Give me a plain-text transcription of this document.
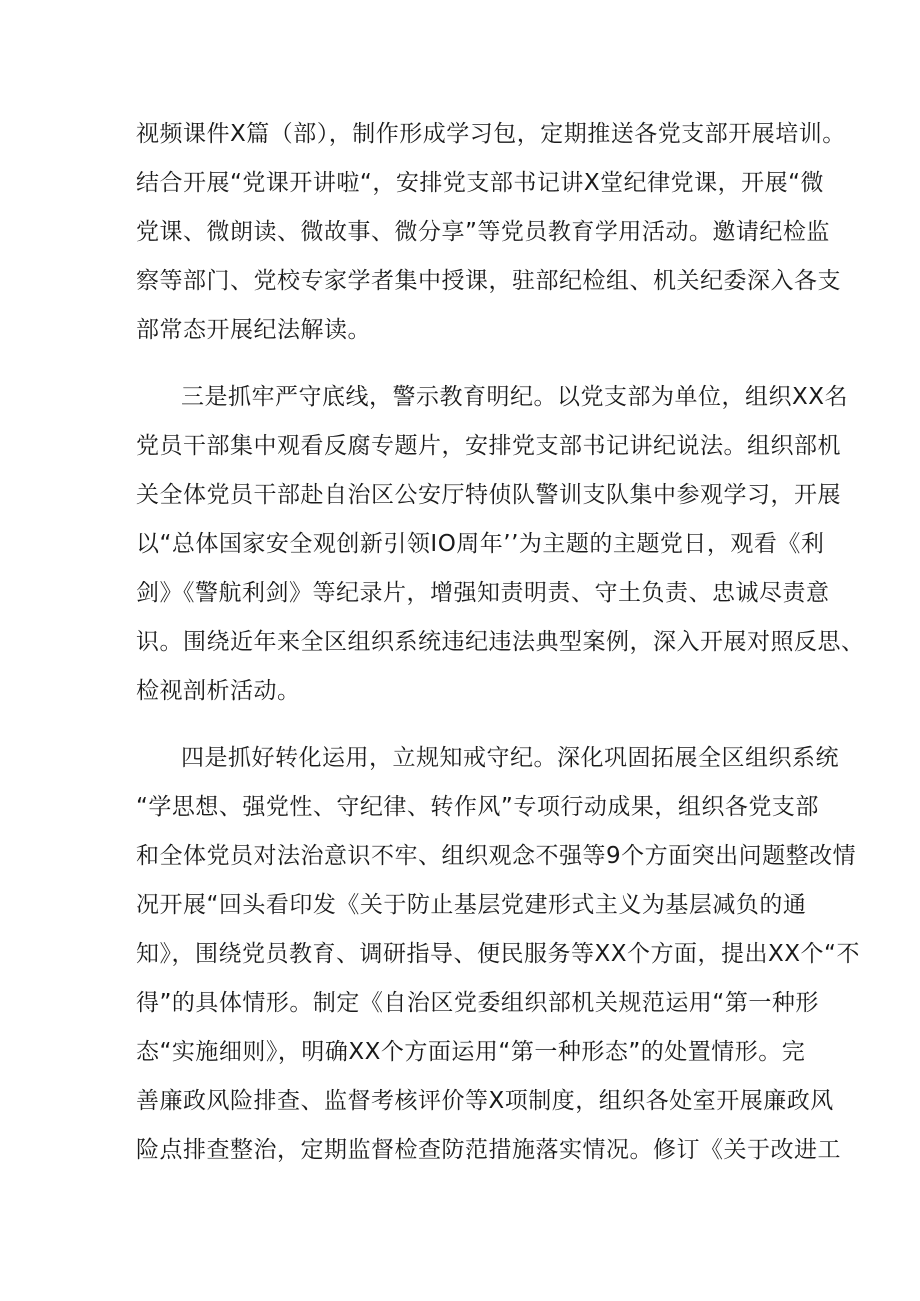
视频课件X篇（部），制作形成学习包，定期推送各党支部开展培训。
结合开展“党课开讲啦“，安排党支部书记讲X堂纪律党课，开展“微
党课、微朗读、微故事、微分享”等党员教育学用活动。邀请纪检监
察等部门、党校专家学者集中授课，驻部纪检组、机关纪委深入各支
部常态开展纪法解读。
三是抓牢严守底线，警示教育明纪。以党支部为单位，组织XX名
党员干部集中观看反腐专题片，安排党支部书记讲纪说法。组织部机
关全体党员干部赴自治区公安厅特侦队警训支队集中参观学习，开展
以“总体国家安全观创新引领IO周年’’为主题的主题党日，观看《利
剑》《警航利剑》等纪录片，增强知责明责、守土负责、忠诚尽责意
识。围绕近年来全区组织系统违纪违法典型案例，深入开展对照反思、
检视剖析活动。
四是抓好转化运用，立规知戒守纪。深化巩固拓展全区组织系统
“学思想、强党性、守纪律、转作风”专项行动成果，组织各党支部
和全体党员对法治意识不牢、组织观念不强等9个方面突出问题整改情
况开展“回头看印发《关于防止基层党建形式主义为基层减负的通
知》，围绕党员教育、调研指导、便民服务等XX个方面，提出XX个“不
得”的具体情形。制定《自治区党委组织部机关规范运用“第一种形
态“实施细则》，明确XX个方面运用“第一种形态”的处置情形。完
善廉政风险排查、监督考核评价等X项制度，组织各处室开展廉政风
险点排查整治，定期监督检查防范措施落实情况。修订《关于改进工
